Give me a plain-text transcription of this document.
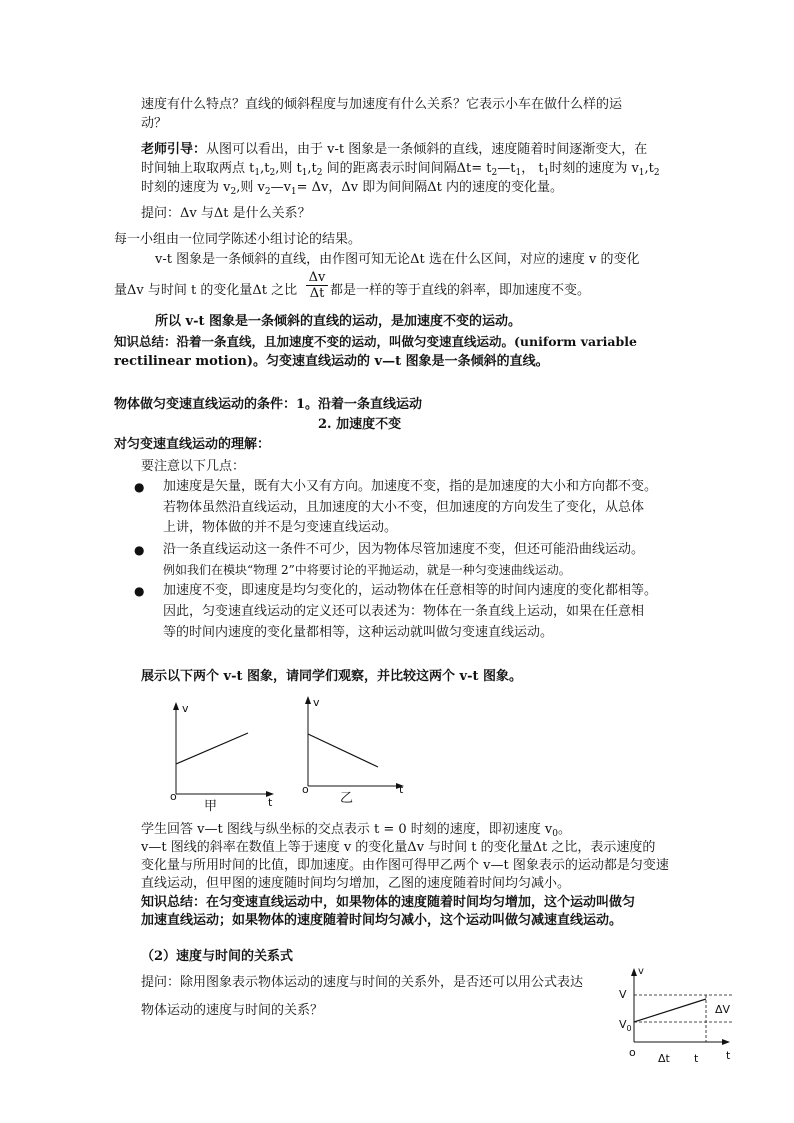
速度有什么特点？直线的倾斜程度与加速度有什么关系？它表示小车在做什么样的运
动？
老师引导：从图可以看出，由于 v-t 图象是一条倾斜的直线，速度随着时间逐渐变大，在
时间轴上取取两点 $t_1,t_2$,则 $t_1,t_2$ 间的距离表示时间间隔$\Delta t= t_2—t_1$， $t_1$时刻的速度为 $v_1,t_2$
时刻的速度为 $v_2$,则 $v_2—v_1= \Delta v$，Δv 即为间间隔Δt 内的速度的变化量。
提问：Δv 与Δt 是什么关系？
每一小组由一位同学陈述小组讨论的结果。
v-t 图象是一条倾斜的直线，由作图可知无论Δt 选在什么区间，对应的速度 v 的变化
量Δv 与时间 t 的变化量Δt 之比 $\frac{\Delta v}{\Delta t}$ 都是一样的等于直线的斜率，即加速度不变。
所以 v-t 图象是一条倾斜的直线的运动，是加速度不变的运动。
知识总结：沿着一条直线，且加速度不变的运动，叫做匀变速直线运动。(uniform variable
rectilinear motion)。匀变速直线运动的 v—t 图象是一条倾斜的直线。
物体做匀变速直线运动的条件：1。沿着一条直线运动
2. 加速度不变
对匀变速直线运动的理解：
要注意以下几点：
● 加速度是矢量，既有大小又有方向。加速度不变，指的是加速度的大小和方向都不变。
若物体虽然沿直线运动，且加速度的大小不变，但加速度的方向发生了变化，从总体
上讲，物体做的并不是匀变速直线运动。
● 沿一条直线运动这一条件不可少，因为物体尽管加速度不变，但还可能沿曲线运动。
例如我们在模块“物理 2”中将要讨论的平抛运动，就是一种匀变速曲线运动。
● 加速度不变，即速度是均匀变化的，运动物体在任意相等的时间内速度的变化都相等。
因此，匀变速直线运动的定义还可以表述为：物体在一条直线上运动，如果在任意相
等的时间内速度的变化量都相等，这种运动就叫做匀变速直线运动。
展示以下两个 v-t 图象，请同学们观察，并比较这两个 v-t 图象。
v
o	t
甲
v
o	t
乙
学生回答 v—t 图线与纵坐标的交点表示 t = 0 时刻的速度，即初速度 $v_0$。
v—t 图线的斜率在数值上等于速度 v 的变化量Δv 与时间 t 的变化量Δt 之比，表示速度的
变化量与所用时间的比值，即加速度。由作图可得甲乙两个 v—t 图象表示的运动都是匀变速
直线运动，但甲图的速度随时间均匀增加，乙图的速度随着时间均匀减小。
知识总结：在匀变速直线运动中，如果物体的速度随着时间均匀增加，这个运动叫做匀
加速直线运动；如果物体的速度随着时间均匀减小，这个运动叫做匀减速直线运动。
（2）速度与时间的关系式
提问：除用图象表示物体运动的速度与时间的关系外，是否还可以用公式表达
物体运动的速度与时间的关系？
v
V
$V_0$
ΔV
o Δt t	t
